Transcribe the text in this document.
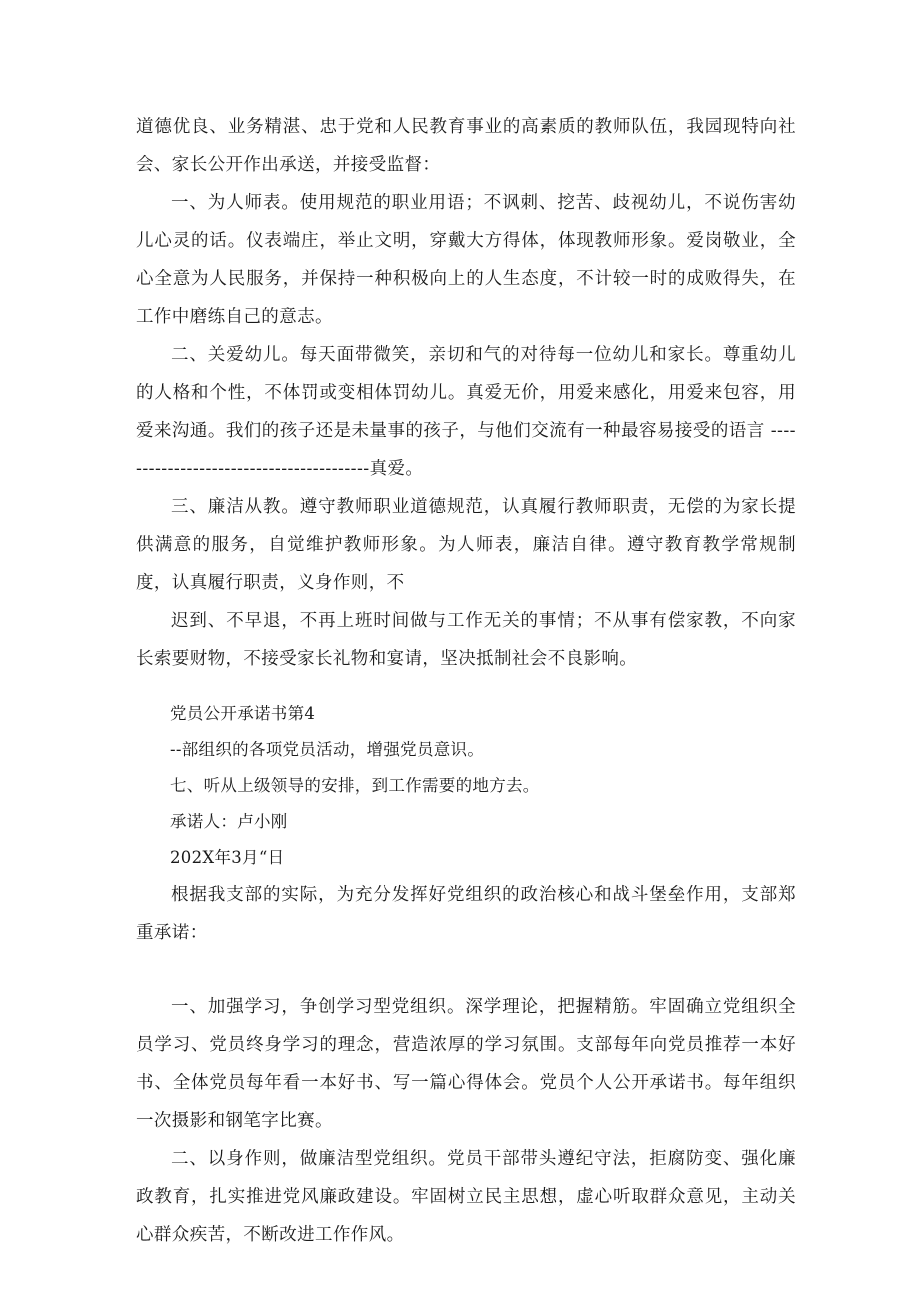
道德优良、业务精湛、忠于党和人民教育事业的高素质的教师队伍，我园现特向社会、家长公开作出承送，并接受监督：

一、为人师表。使用规范的职业用语；不讽刺、挖苦、歧视幼儿，不说伤害幼儿心灵的话。仪表端庄，举止文明，穿戴大方得体，体现教师形象。爱岗敬业，全心全意为人民服务，并保持一种积极向上的人生态度，不计较一时的成败得失，在工作中磨练自己的意志。

二、关爱幼儿。每天面带微笑，亲切和气的对待每一位幼儿和家长。尊重幼儿的人格和个性，不体罚或变相体罚幼儿。真爱无价，用爱来感化，用爱来包容，用爱来沟通。我们的孩子还是未量事的孩子，与他们交流有一种最容易接受的语言 -----------------------------------------真爱。

三、廉洁从教。遵守教师职业道德规范，认真履行教师职责，无偿的为家长提供满意的服务，自觉维护教师形象。为人师表，廉洁自律。遵守教育教学常规制度，认真履行职责，义身作则，不

迟到、不早退，不再上班时间做与工作无关的事情；不从事有偿家教，不向家长索要财物，不接受家长礼物和宴请，坚决抵制社会不良影响。

党员公开承诺书第4

--部组织的各项党员活动，增强党员意识。

七、听从上级领导的安排，到工作需要的地方去。

承诺人：卢小刚

202X年3月“日

根据我支部的实际，为充分发挥好党组织的政治核心和战斗堡垒作用，支部郑重承诺：

一、加强学习，争创学习型党组织。深学理论，把握精筋。牢固确立党组织全员学习、党员终身学习的理念，营造浓厚的学习氛围。支部每年向党员推荐一本好书、全体党员每年看一本好书、写一篇心得体会。党员个人公开承诺书。每年组织一次摄影和钢笔字比赛。

二、以身作则，做廉洁型党组织。党员干部带头遵纪守法，拒腐防变、强化廉政教育，扎实推进党风廉政建设。牢固树立民主思想，虚心听取群众意见，主动关心群众疾苦，不断改进工作作风。
